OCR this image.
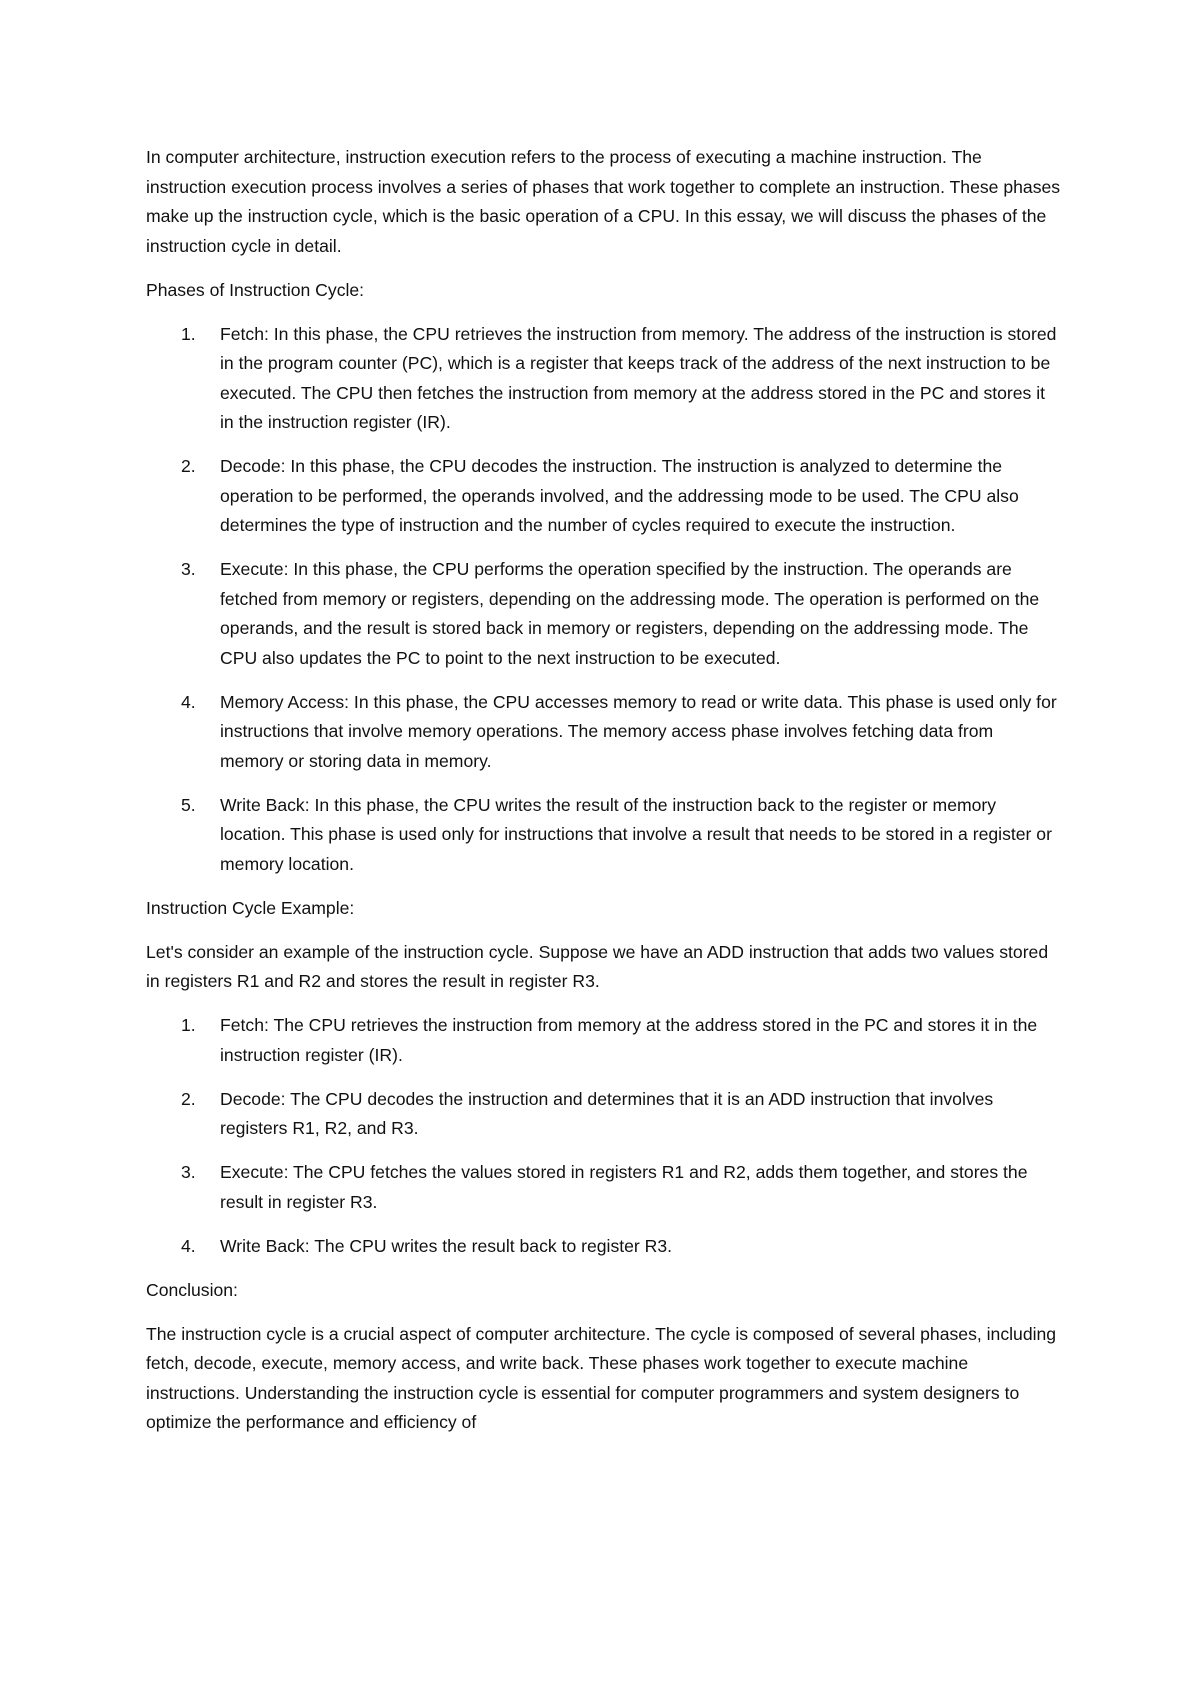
In computer architecture, instruction execution refers to the process of executing a machine instruction. The instruction execution process involves a series of phases that work together to complete an instruction. These phases make up the instruction cycle, which is the basic operation of a CPU. In this essay, we will discuss the phases of the instruction cycle in detail.

Phases of Instruction Cycle:

1. Fetch: In this phase, the CPU retrieves the instruction from memory. The address of the instruction is stored in the program counter (PC), which is a register that keeps track of the address of the next instruction to be executed. The CPU then fetches the instruction from memory at the address stored in the PC and stores it in the instruction register (IR).
2. Decode: In this phase, the CPU decodes the instruction. The instruction is analyzed to determine the operation to be performed, the operands involved, and the addressing mode to be used. The CPU also determines the type of instruction and the number of cycles required to execute the instruction.
3. Execute: In this phase, the CPU performs the operation specified by the instruction. The operands are fetched from memory or registers, depending on the addressing mode. The operation is performed on the operands, and the result is stored back in memory or registers, depending on the addressing mode. The CPU also updates the PC to point to the next instruction to be executed.
4. Memory Access: In this phase, the CPU accesses memory to read or write data. This phase is used only for instructions that involve memory operations. The memory access phase involves fetching data from memory or storing data in memory.
5. Write Back: In this phase, the CPU writes the result of the instruction back to the register or memory location. This phase is used only for instructions that involve a result that needs to be stored in a register or memory location.

Instruction Cycle Example:

Let's consider an example of the instruction cycle. Suppose we have an ADD instruction that adds two values stored in registers R1 and R2 and stores the result in register R3.

1. Fetch: The CPU retrieves the instruction from memory at the address stored in the PC and stores it in the instruction register (IR).
2. Decode: The CPU decodes the instruction and determines that it is an ADD instruction that involves registers R1, R2, and R3.
3. Execute: The CPU fetches the values stored in registers R1 and R2, adds them together, and stores the result in register R3.
4. Write Back: The CPU writes the result back to register R3.

Conclusion:

The instruction cycle is a crucial aspect of computer architecture. The cycle is composed of several phases, including fetch, decode, execute, memory access, and write back. These phases work together to execute machine instructions. Understanding the instruction cycle is essential for computer programmers and system designers to optimize the performance and efficiency of
